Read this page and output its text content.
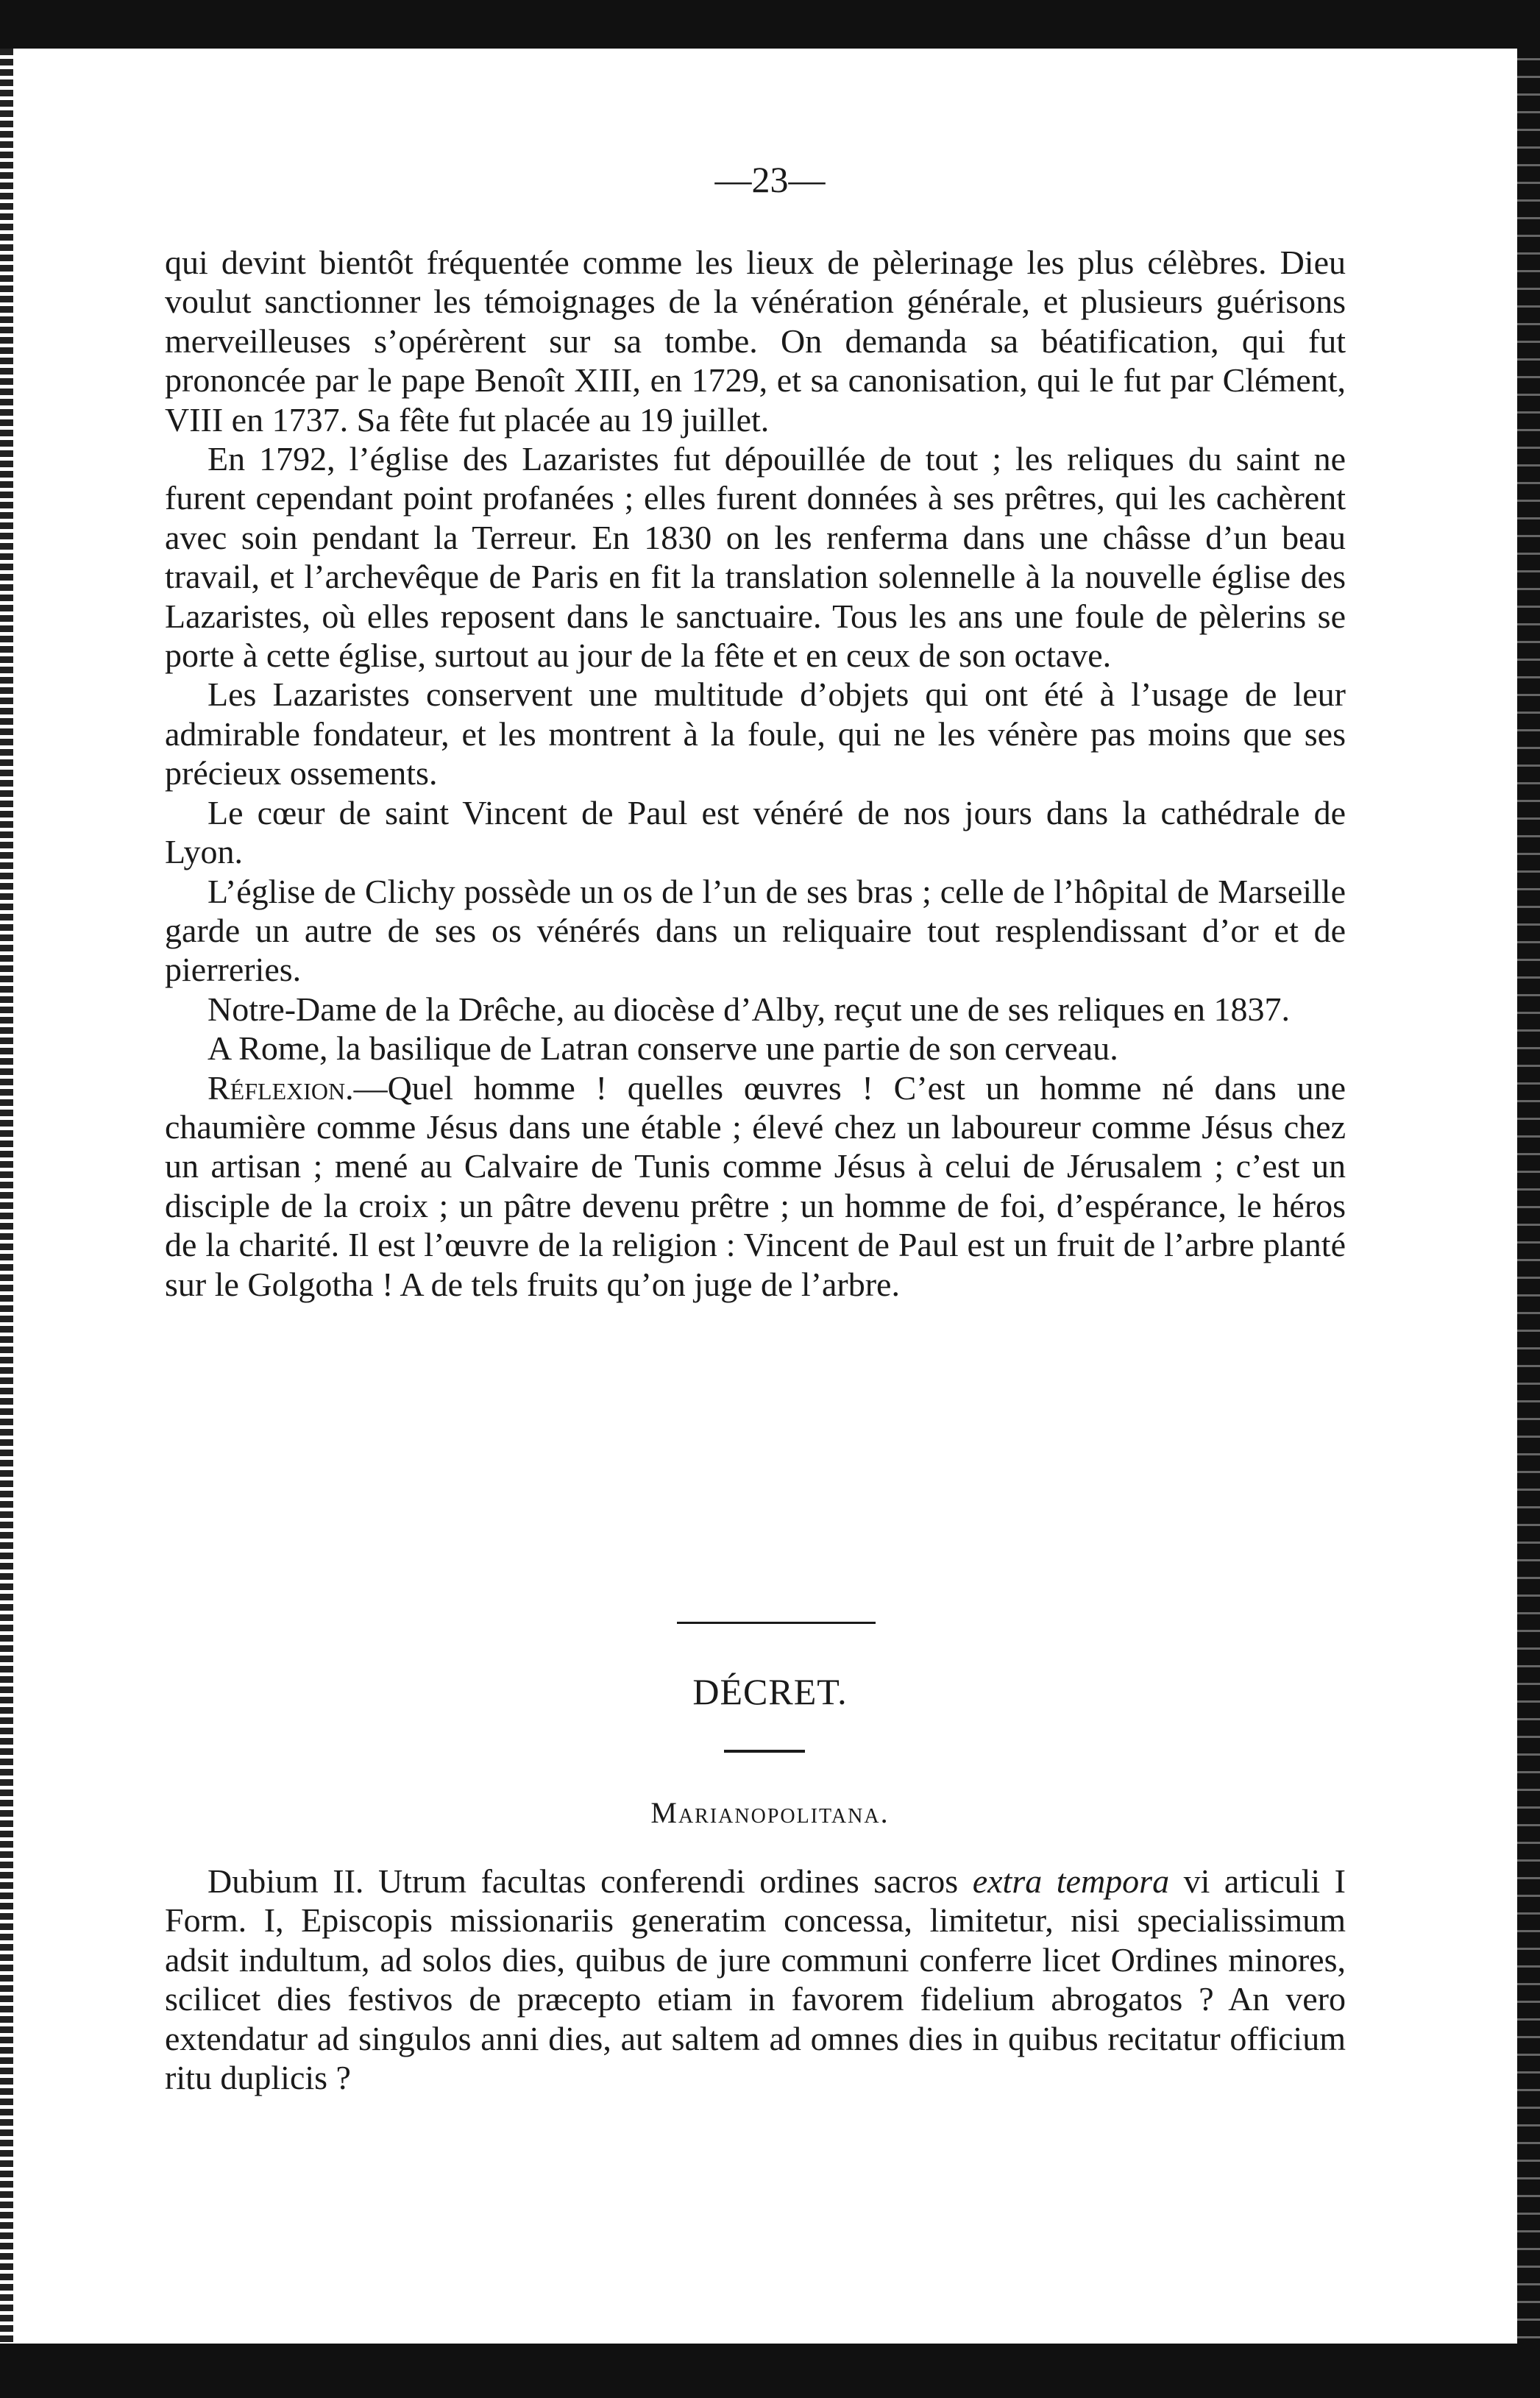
—23—

qui devint bientôt fréquentée comme les lieux de pèlerinage les plus célèbres. Dieu voulut sanctionner les témoignages de la vénération générale, et plusieurs guérisons merveilleuses s’opérèrent sur sa tombe. On demanda sa béatification, qui fut prononcée par le pape Benoît XIII, en 1729, et sa canonisation, qui le fut par Clément, VIII en 1737. Sa fête fut placée au 19 juillet.

En 1792, l’église des Lazaristes fut dépouillée de tout ; les reliques du saint ne furent cependant point profanées ; elles furent données à ses prêtres, qui les cachèrent avec soin pendant la Terreur. En 1830 on les renferma dans une châsse d’un beau travail, et l’archevêque de Paris en fit la translation solennelle à la nouvelle église des Lazaristes, où elles reposent dans le sanctuaire. Tous les ans une foule de pèlerins se porte à cette église, surtout au jour de la fête et en ceux de son octave.

Les Lazaristes conservent une multitude d’objets qui ont été à l’usage de leur admirable fondateur, et les montrent à la foule, qui ne les vénère pas moins que ses précieux ossements.

Le cœur de saint Vincent de Paul est vénéré de nos jours dans la cathédrale de Lyon.

L’église de Clichy possède un os de l’un de ses bras ; celle de l’hôpital de Marseille garde un autre de ses os vénérés dans un reliquaire tout resplendissant d’or et de pierreries.

Notre-Dame de la Drêche, au diocèse d’Alby, reçut une de ses reliques en 1837.

A Rome, la basilique de Latran conserve une partie de son cerveau.

Réflexion.—Quel homme ! quelles œuvres ! C’est un homme né dans une chaumière comme Jésus dans une étable ; élevé chez un laboureur comme Jésus chez un artisan ; mené au Calvaire de Tunis comme Jésus à celui de Jérusalem ; c’est un disciple de la croix ; un pâtre devenu prêtre ; un homme de foi, d’espérance, le héros de la charité. Il est l’œuvre de la religion : Vincent de Paul est un fruit de l’arbre planté sur le Golgotha ! A de tels fruits qu’on juge de l’arbre.

DÉCRET.
Marianopolitana.

Dubium II. Utrum facultas conferendi ordines sacros extra tempora vi articuli I Form. I, Episcopis missionariis generatim concessa, limitetur, nisi specialissimum adsit indultum, ad solos dies, quibus de jure communi conferre licet Ordines minores, scilicet dies festivos de præcepto etiam in favorem fidelium abrogatos ? An vero extendatur ad singulos anni dies, aut saltem ad omnes dies in quibus recitatur officium ritu duplicis ?
